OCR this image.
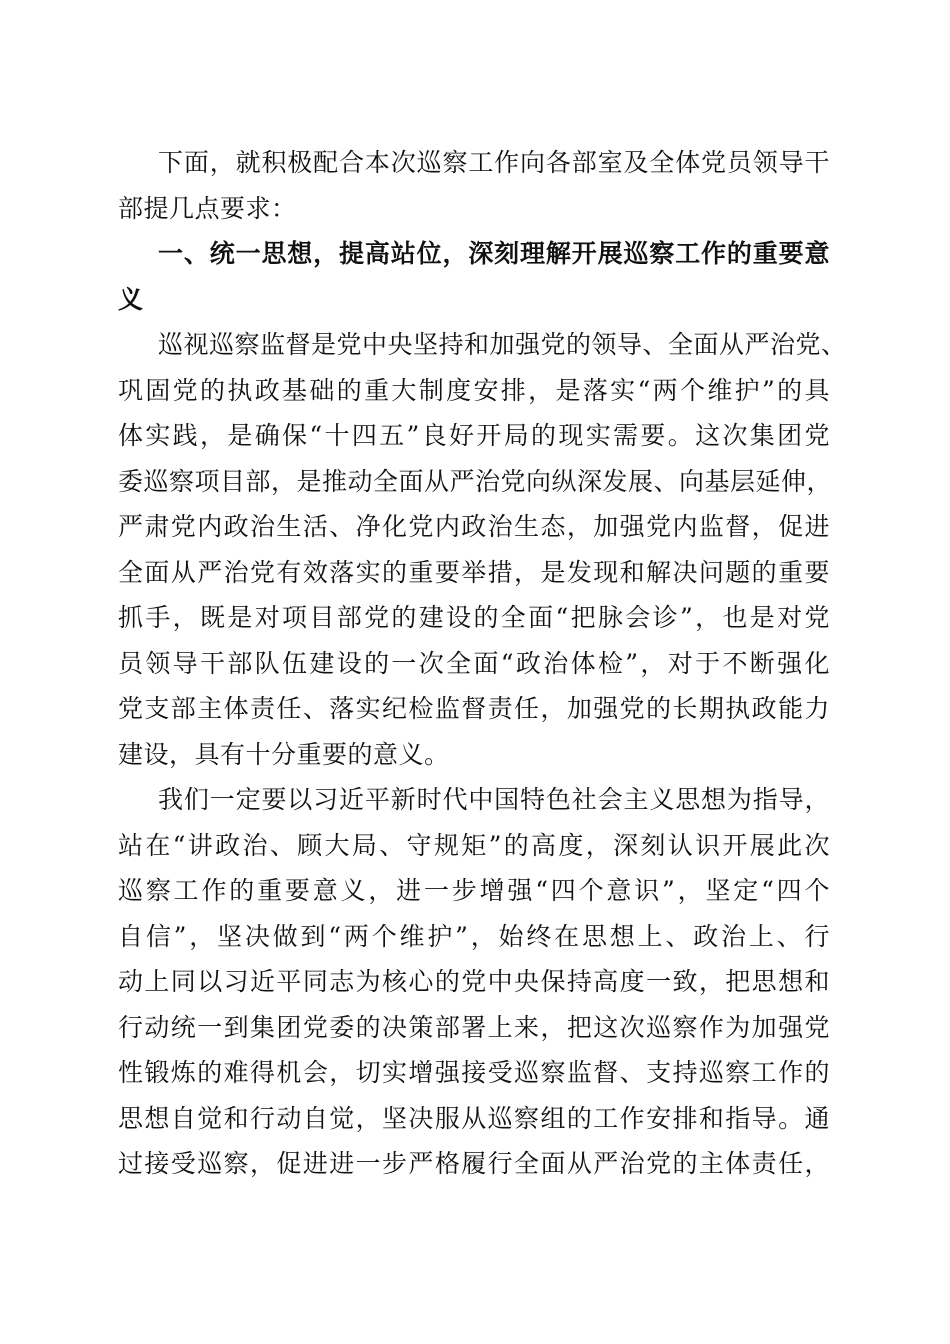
下面，就积极配合本次巡察工作向各部室及全体党员领导干
部提几点要求：
一、统一思想，提高站位，深刻理解开展巡察工作的重要意
义
巡视巡察监督是党中央坚持和加强党的领导、全面从严治党、
巩固党的执政基础的重大制度安排，是落实“两个维护”的具
体实践，是确保“十四五”良好开局的现实需要。这次集团党
委巡察项目部，是推动全面从严治党向纵深发展、向基层延伸，
严肃党内政治生活、净化党内政治生态，加强党内监督，促进
全面从严治党有效落实的重要举措，是发现和解决问题的重要
抓手，既是对项目部党的建设的全面“把脉会诊”，也是对党
员领导干部队伍建设的一次全面“政治体检”，对于不断强化
党支部主体责任、落实纪检监督责任，加强党的长期执政能力
建设，具有十分重要的意义。
我们一定要以习近平新时代中国特色社会主义思想为指导，
站在“讲政治、顾大局、守规矩”的高度，深刻认识开展此次
巡察工作的重要意义，进一步增强“四个意识”，坚定“四个
自信”，坚决做到“两个维护”，始终在思想上、政治上、行
动上同以习近平同志为核心的党中央保持高度一致，把思想和
行动统一到集团党委的决策部署上来，把这次巡察作为加强党
性锻炼的难得机会，切实增强接受巡察监督、支持巡察工作的
思想自觉和行动自觉，坚决服从巡察组的工作安排和指导。通
过接受巡察，促进进一步严格履行全面从严治党的主体责任，
